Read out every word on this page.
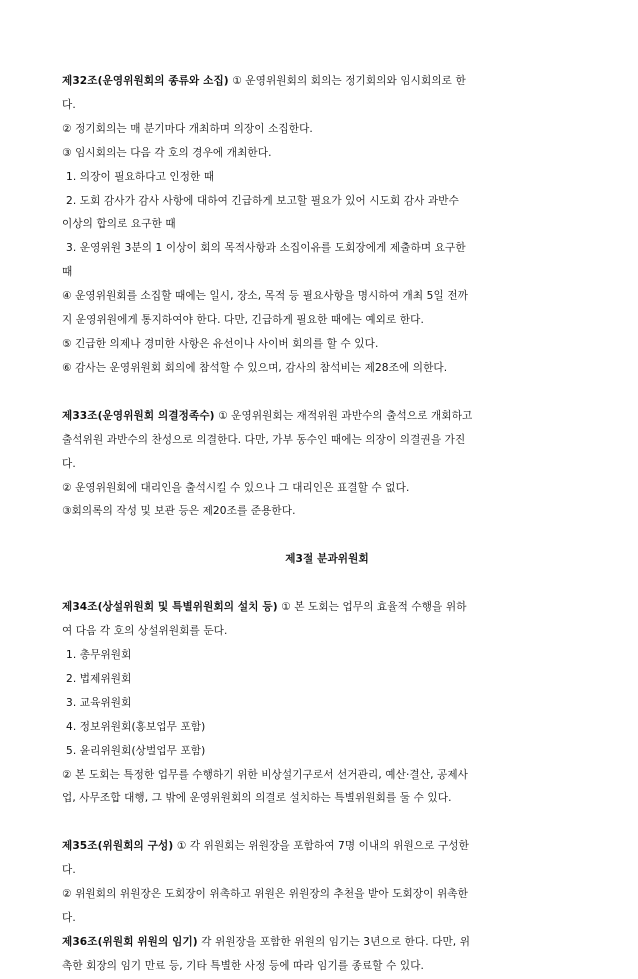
제32조(운영위원회의 종류와 소집) ① 운영위원회의 회의는 정기회의와 임시회의로 한
다.
② 정기회의는 매 분기마다 개최하며 의장이 소집한다.
③ 임시회의는 다음 각 호의 경우에 개최한다.
1. 의장이 필요하다고 인정한 때
2. 도회 감사가 감사 사항에 대하여 긴급하게 보고할 필요가 있어 시도회 감사 과반수
이상의 합의로 요구한 때
3. 운영위원 3분의 1 이상이 회의 목적사항과 소집이유를 도회장에게 제출하며 요구한
때
④ 운영위원회를 소집할 때에는 일시, 장소, 목적 등 필요사항을 명시하여 개최 5일 전까
지 운영위원에게 통지하여야 한다. 다만, 긴급하게 필요한 때에는 예외로 한다.
⑤ 긴급한 의제나 경미한 사항은 유선이나 사이버 회의를 할 수 있다.
⑥ 감사는 운영위원회 회의에 참석할 수 있으며, 감사의 참석비는 제28조에 의한다.
제33조(운영위원회 의결정족수) ① 운영위원회는 재적위원 과반수의 출석으로 개회하고
출석위원 과반수의 찬성으로 의결한다. 다만, 가부 동수인 때에는 의장이 의결권을 가진
다.
② 운영위원회에 대리인을 출석시킬 수 있으나 그 대리인은 표결할 수 없다.
③회의록의 작성 및 보관 등은 제20조를 준용한다.
제3절 분과위원회
제34조(상설위원회 및 특별위원회의 설치 등) ① 본 도회는 업무의 효율적 수행을 위하
여 다음 각 호의 상설위원회를 둔다.
1. 총무위원회
2. 법제위원회
3. 교육위원회
4. 정보위원회(홍보업무 포함)
5. 윤리위원회(상벌업무 포함)
② 본 도회는 특정한 업무를 수행하기 위한 비상설기구로서 선거관리, 예산·결산, 공제사
업, 사무조합 대행, 그 밖에 운영위원회의 의결로 설치하는 특별위원회를 둘 수 있다.
제35조(위원회의 구성) ① 각 위원회는 위원장을 포함하여 7명 이내의 위원으로 구성한
다.
② 위원회의 위원장은 도회장이 위촉하고 위원은 위원장의 추천을 받아 도회장이 위촉한
다.
제36조(위원회 위원의 임기) 각 위원장을 포함한 위원의 임기는 3년으로 한다. 다만, 위
촉한 회장의 임기 만료 등, 기타 특별한 사정 등에 따라 임기를 종료할 수 있다.
